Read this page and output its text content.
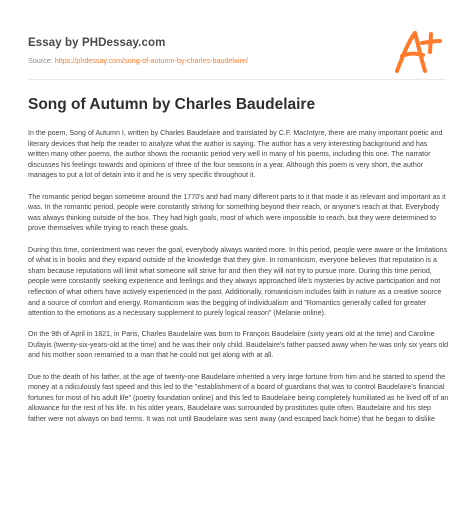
Essay by PHDessay.com
Source: https://phdessay.com/song-of-autumn-by-charles-baudelaire/
Song of Autumn by Charles Baudelaire

In the poem, Song of Autumn I, written by Charles Baudelaire and translated by C.F. MacIntyre, there are many important poetic and literary devices that help the reader to analyze what the author is saying. The author has a very interesting background and has written many other poems, the author shows the romantic period very well in many of his poems, including this one. The narrator discusses his feelings towards and opinions of three of the four seasons in a year. Although this poem is very short, the author manages to put a lot of detain into it and he is very specific throughout it.

The romantic period began sometime around the 1770's and had many different parts to it that made it as relevant and important as it was. In the romantic period, people were constantly striving for something beyond their reach, or anyone's reach at that. Everybody was always thinking outside of the box. They had high goals, most of which were impossible to reach, but they were determined to prove themselves while trying to reach these goals.

During this time, contentment was never the goal, everybody always wanted more. In this period, people were aware or the limitations of what is in books and they expand outside of the knowledge that they give. In romanticism, everyone believes that reputation is a sham because reputations will limit what someone will strive for and then they will not try to pursue more. During this time period, people were constantly seeking experience and feelings and they always approached life's mysteries by active participation and not reflection of what others have actively experienced in the past. Additionally, romanticism includes faith in nature as a creative source and a source of comfort and energy. Romanticism was the begging of individualism and "Romantics generally called for greater attention to the emotions as a necessary supplement to purely logical reason" (Melanie online).

On the 9th of April in 1821, in Paris, Charles Baudelaire was born to François Baudelaire (sixty years old at the time) and Caroline Dufayis (twenty-six-years-old at the time) and he was their only child. Baudelaire's father passed away when he was only six years old and his mother soon remarried to a man that he could not get along with at all.

Due to the death of his father, at the age of twenty-one Baudelaire inherited a very large fortune from him and he started to spend the money at a ridiculously fast speed and this led to the "establishment of a board of guardians that was to control Baudelaire's financial fortunes for most of his adult life" (poetry foundation online) and this led to Baudelaire being completely humiliated as he lived off of an allowance for the rest of his life. In his older years, Baudelaire was surrounded by prostitutes quite often. Baudelaire and his step father were not always on bad terms. It was not until Baudelaire was sent away (and escaped back home) that he began to dislike
